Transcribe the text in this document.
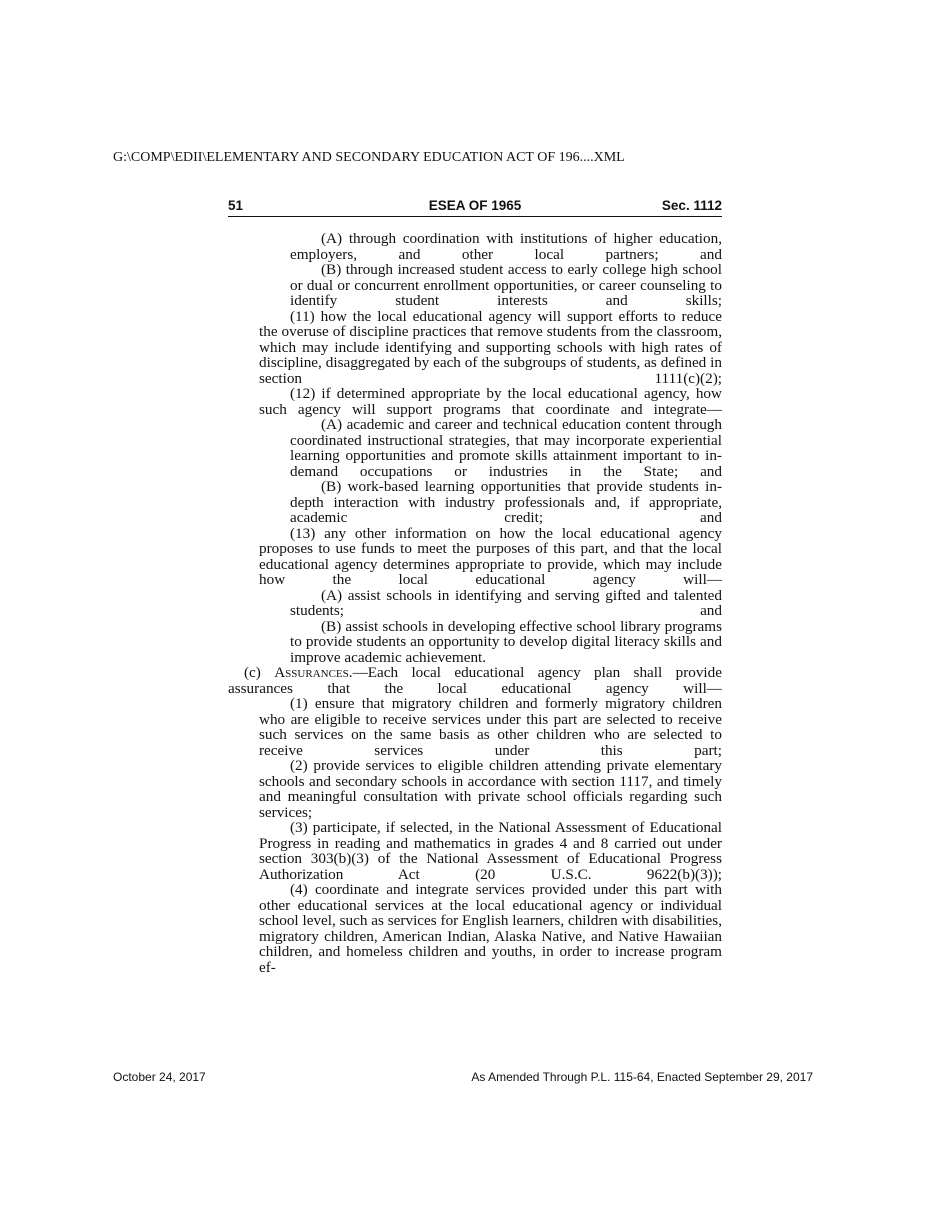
G:\COMP\EDII\ELEMENTARY AND SECONDARY EDUCATION ACT OF 196....XML
ESEA OF 1965
51	Sec. 1112

(A) through coordination with institutions of higher education, employers, and other local partners; and

(B) through increased student access to early college high school or dual or concurrent enrollment opportunities, or career counseling to identify student interests and skills;

(11) how the local educational agency will support efforts to reduce the overuse of discipline practices that remove students from the classroom, which may include identifying and supporting schools with high rates of discipline, disaggregated by each of the subgroups of students, as defined in section 1111(c)(2);

(12) if determined appropriate by the local educational agency, how such agency will support programs that coordinate and integrate—

(A) academic and career and technical education content through coordinated instructional strategies, that may incorporate experiential learning opportunities and promote skills attainment important to in-demand occupations or industries in the State; and

(B) work-based learning opportunities that provide students in-depth interaction with industry professionals and, if appropriate, academic credit; and

(13) any other information on how the local educational agency proposes to use funds to meet the purposes of this part, and that the local educational agency determines appropriate to provide, which may include how the local educational agency will—

(A) assist schools in identifying and serving gifted and talented students; and

(B) assist schools in developing effective school library programs to provide students an opportunity to develop digital literacy skills and improve academic achievement.

(c) Assurances.—Each local educational agency plan shall provide assurances that the local educational agency will—

(1) ensure that migratory children and formerly migratory children who are eligible to receive services under this part are selected to receive such services on the same basis as other children who are selected to receive services under this part;

(2) provide services to eligible children attending private elementary schools and secondary schools in accordance with section 1117, and timely and meaningful consultation with private school officials regarding such services;

(3) participate, if selected, in the National Assessment of Educational Progress in reading and mathematics in grades 4 and 8 carried out under section 303(b)(3) of the National Assessment of Educational Progress Authorization Act (20 U.S.C. 9622(b)(3));

(4) coordinate and integrate services provided under this part with other educational services at the local educational agency or individual school level, such as services for English learners, children with disabilities, migratory children, American Indian, Alaska Native, and Native Hawaiian children, and homeless children and youths, in order to increase program ef-

October 24, 2017	As Amended Through P.L. 115-64, Enacted September 29, 2017
